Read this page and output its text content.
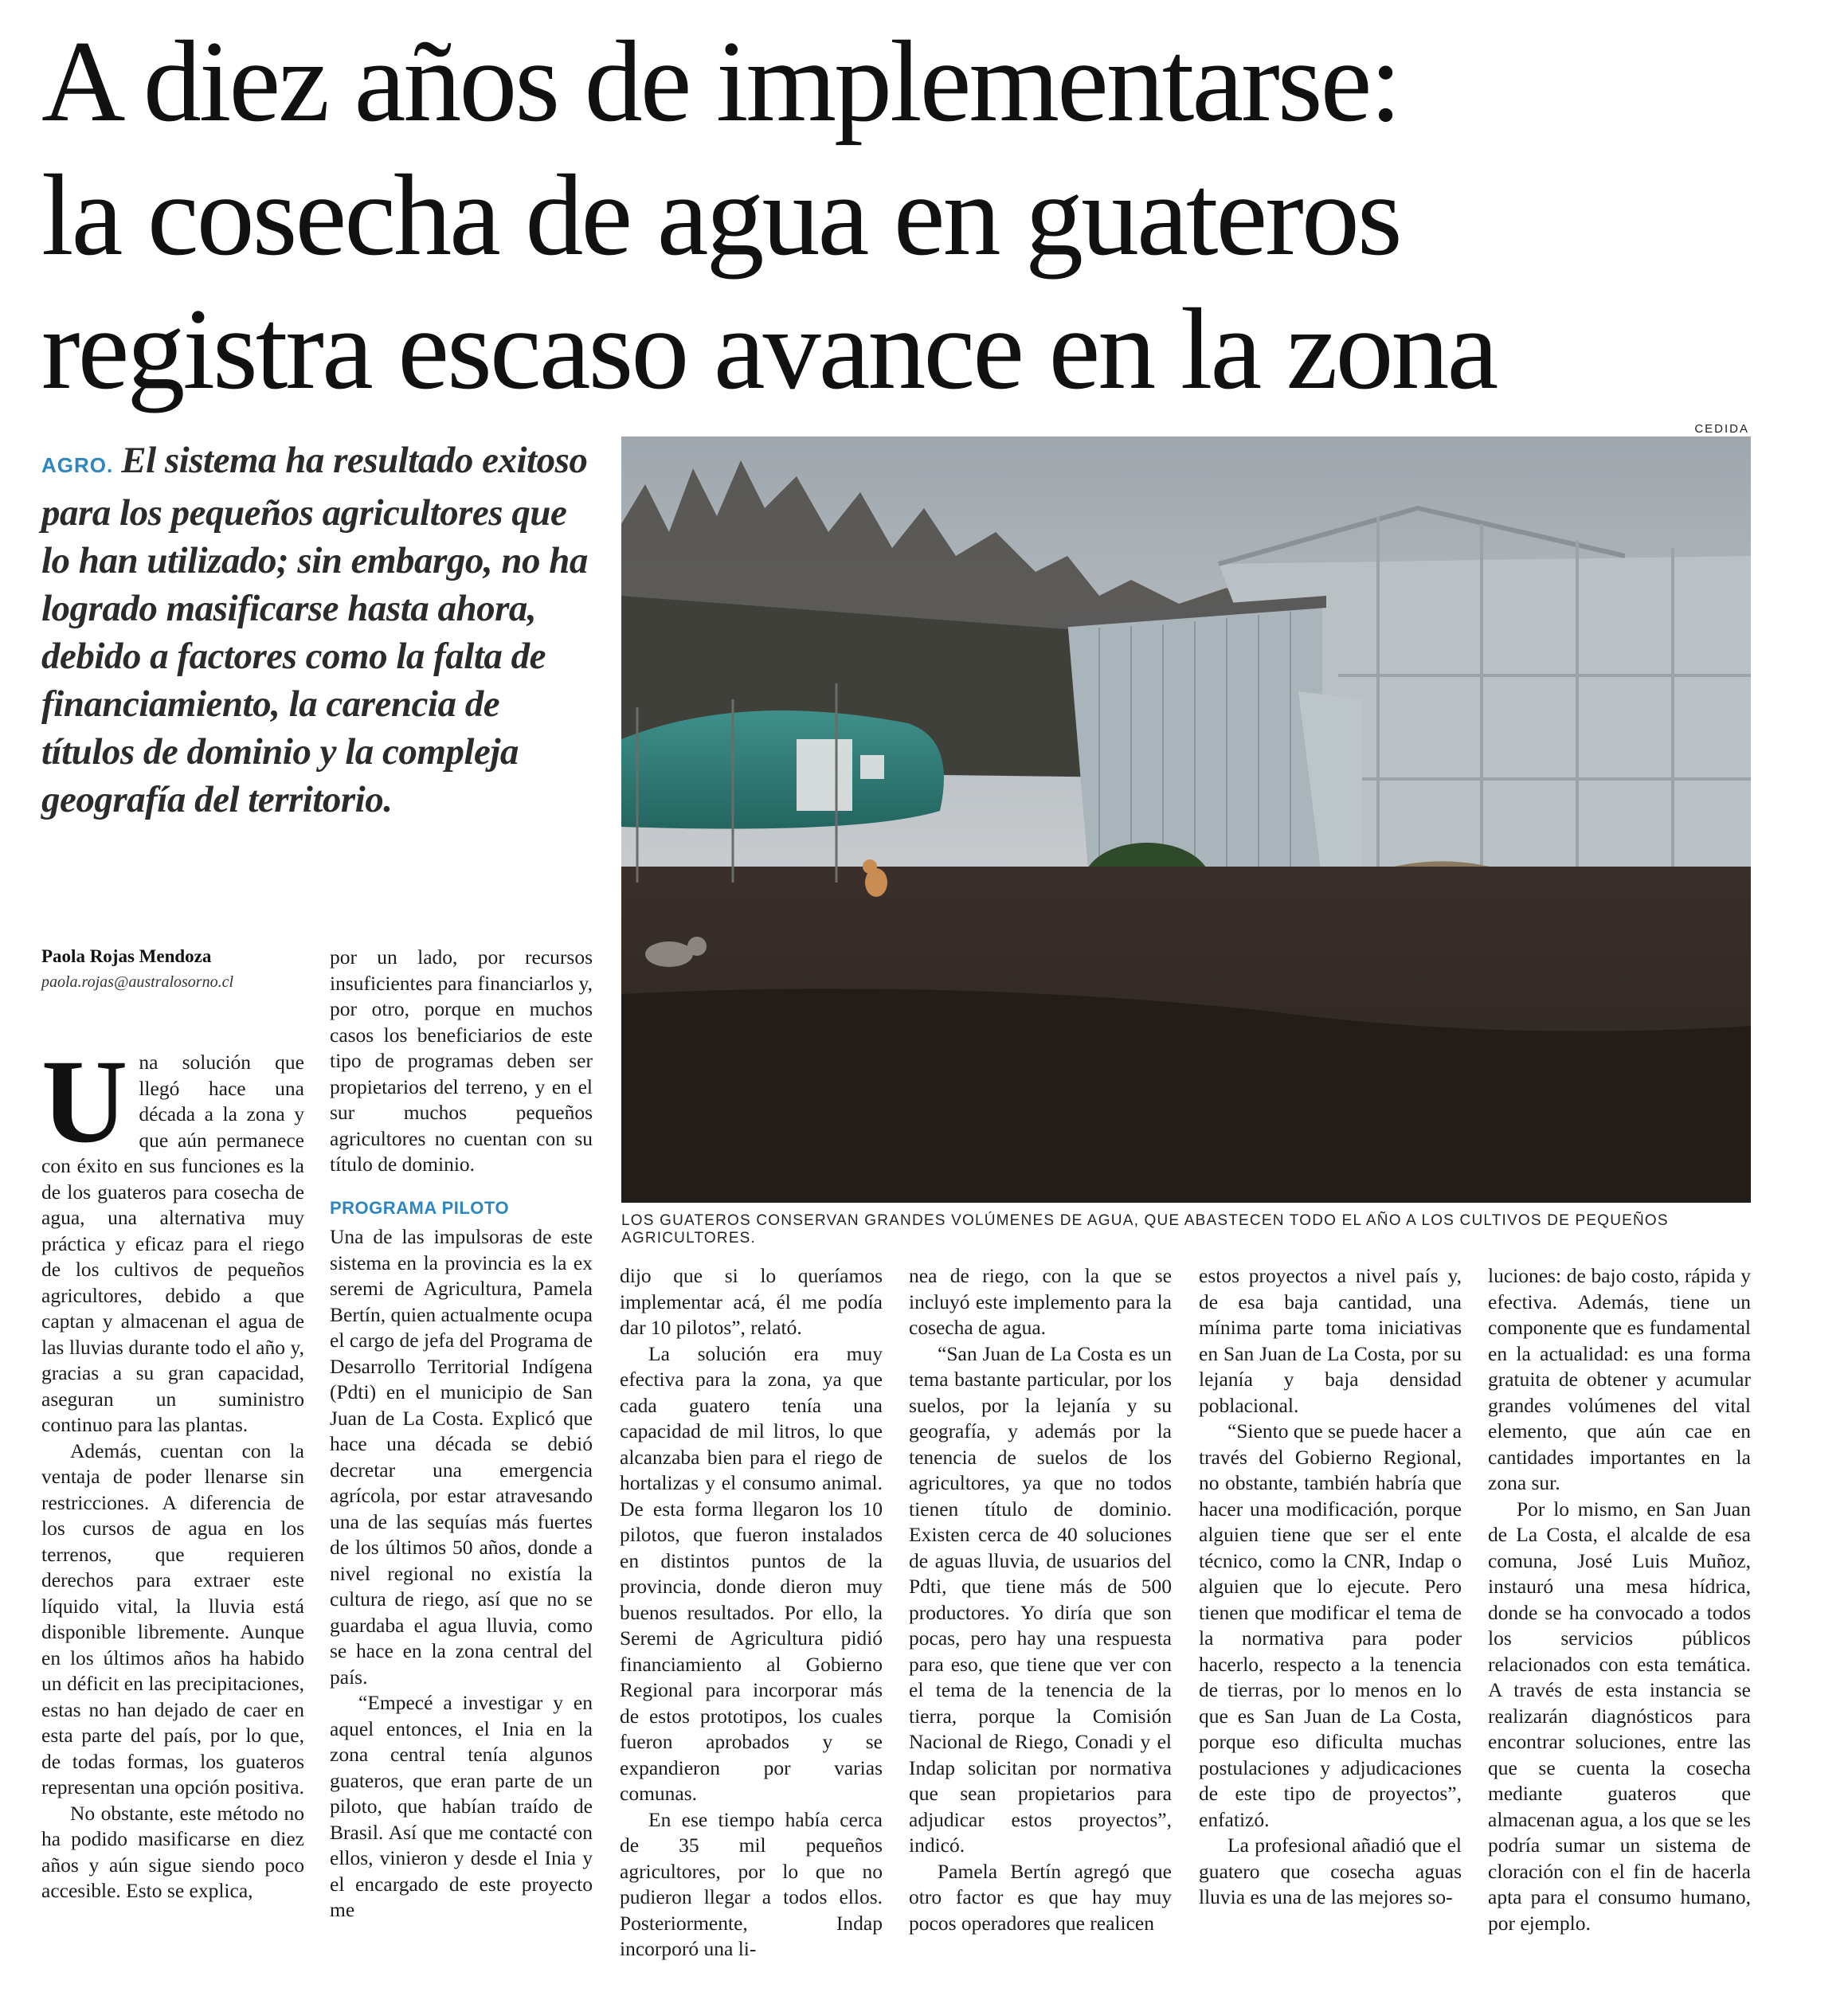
A diez años de implementarse:
la cosecha de agua en guateros
registra escaso avance en la zona
CEDIDA
AGRO. El sistema ha resultado exitoso para los pequeños agricultores que lo han utilizado; sin embargo, no ha logrado masificarse hasta ahora, debido a factores como la falta de financiamiento, la carencia de títulos de dominio y la compleja geografía del territorio.
LOS GUATEROS CONSERVAN GRANDES VOLÚMENES DE AGUA, QUE ABASTECEN TODO EL AÑO A LOS CULTIVOS DE PEQUEÑOS AGRICULTORES.
Paola Rojas Mendoza
paola.rojas@australosorno.cl

Una solución que llegó hace una década a la zona y que aún permanece con éxito en sus funciones es la de los guateros para cosecha de agua, una alternativa muy práctica y eficaz para el riego de los cultivos de pequeños agricultores, debido a que captan y almacenan el agua de las lluvias durante todo el año y, gracias a su gran capacidad, aseguran un suministro continuo para las plantas.

Además, cuentan con la ventaja de poder llenarse sin restricciones. A diferencia de los cursos de agua en los terrenos, que requieren derechos para extraer este líquido vital, la lluvia está disponible libremente. Aunque en los últimos años ha habido un déficit en las precipitaciones, estas no han dejado de caer en esta parte del país, por lo que, de todas formas, los guateros representan una opción positiva.

No obstante, este método no ha podido masificarse en diez años y aún sigue siendo poco accesible. Esto se explica,

por un lado, por recursos insuficientes para financiarlos y, por otro, porque en muchos casos los beneficiarios de este tipo de programas deben ser propietarios del terreno, y en el sur muchos pequeños agricultores no cuentan con su título de dominio.

PROGRAMA PILOTO

Una de las impulsoras de este sistema en la provincia es la ex seremi de Agricultura, Pamela Bertín, quien actualmente ocupa el cargo de jefa del Programa de Desarrollo Territorial Indígena (Pdti) en el municipio de San Juan de La Costa. Explicó que hace una década se debió decretar una emergencia agrícola, por estar atravesando una de las sequías más fuertes de los últimos 50 años, donde a nivel regional no existía la cultura de riego, así que no se guardaba el agua lluvia, como se hace en la zona central del país.

“Empecé a investigar y en aquel entonces, el Inia en la zona central tenía algunos guateros, que eran parte de un piloto, que habían traído de Brasil. Así que me contacté con ellos, vinieron y desde el Inia y el encargado de este proyecto me

dijo que si lo queríamos implementar acá, él me podía dar 10 pilotos”, relató.

La solución era muy efectiva para la zona, ya que cada guatero tenía una capacidad de mil litros, lo que alcanzaba bien para el riego de hortalizas y el consumo animal. De esta forma llegaron los 10 pilotos, que fueron instalados en distintos puntos de la provincia, donde dieron muy buenos resultados. Por ello, la Seremi de Agricultura pidió financiamiento al Gobierno Regional para incorporar más de estos prototipos, los cuales fueron aprobados y se expandieron por varias comunas.

En ese tiempo había cerca de 35 mil pequeños agricultores, por lo que no pudieron llegar a todos ellos. Posteriormente, Indap incorporó una li-

nea de riego, con la que se incluyó este implemento para la cosecha de agua.

“San Juan de La Costa es un tema bastante particular, por los suelos, por la lejanía y su geografía, y además por la tenencia de suelos de los agricultores, ya que no todos tienen título de dominio. Existen cerca de 40 soluciones de aguas lluvia, de usuarios del Pdti, que tiene más de 500 productores. Yo diría que son pocas, pero hay una respuesta para eso, que tiene que ver con el tema de la tenencia de la tierra, porque la Comisión Nacional de Riego, Conadi y el Indap solicitan por normativa que sean propietarios para adjudicar estos proyectos”, indicó.

Pamela Bertín agregó que otro factor es que hay muy pocos operadores que realicen

estos proyectos a nivel país y, de esa baja cantidad, una mínima parte toma iniciativas en San Juan de La Costa, por su lejanía y baja densidad poblacional.

“Siento que se puede hacer a través del Gobierno Regional, no obstante, también habría que hacer una modificación, porque alguien tiene que ser el ente técnico, como la CNR, Indap o alguien que lo ejecute. Pero tienen que modificar el tema de la normativa para poder hacerlo, respecto a la tenencia de tierras, por lo menos en lo que es San Juan de La Costa, porque eso dificulta muchas postulaciones y adjudicaciones de este tipo de proyectos”, enfatizó.

La profesional añadió que el guatero que cosecha aguas lluvia es una de las mejores so-

luciones: de bajo costo, rápida y efectiva. Además, tiene un componente que es fundamental en la actualidad: es una forma gratuita de obtener y acumular grandes volúmenes del vital elemento, que aún cae en cantidades importantes en la zona sur.

Por lo mismo, en San Juan de La Costa, el alcalde de esa comuna, José Luis Muñoz, instauró una mesa hídrica, donde se ha convocado a todos los servicios públicos relacionados con esta temática. A través de esta instancia se realizarán diagnósticos para encontrar soluciones, entre las que se cuenta la cosecha mediante guateros que almacenan agua, a los que se les podría sumar un sistema de cloración con el fin de hacerla apta para el consumo humano, por ejemplo.
